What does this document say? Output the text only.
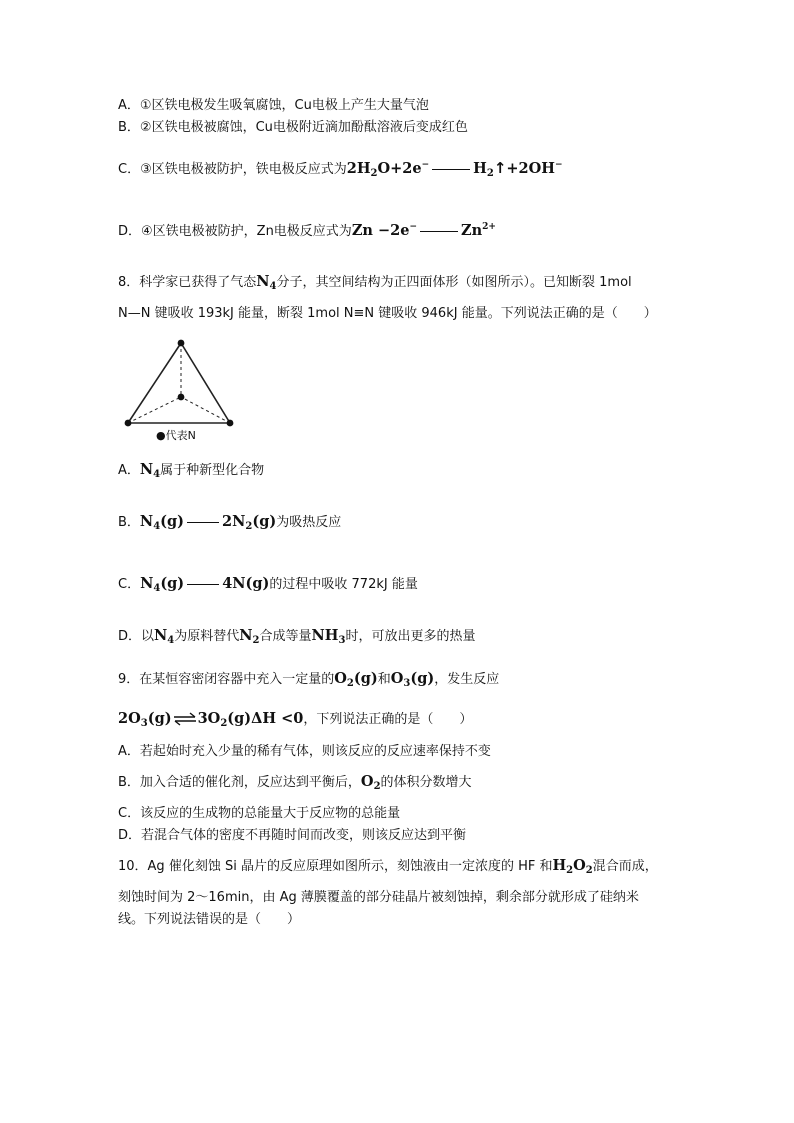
A．①区铁电极发生吸氧腐蚀，Cu电极上产生大量气泡
B．②区铁电极被腐蚀，Cu电极附近滴加酚酞溶液后变成红色
C．③区铁电极被防护，铁电极反应式为$2H_2O+2e^-$	$H_2↑+2OH^-$
D．④区铁电极被防护，Zn电极反应式为Zn −2e−	$Zn^{2+}$
8．科学家已获得了气态$N_4$分子，其空间结构为正四面体形（如图所示）。已知断裂 1mol
N—N 键吸收 193kJ 能量，断裂 1mol N≡N 键吸收 946kJ 能量。下列说法正确的是（　　）
●代表N
A．$N_4$属于种新型化合物
B．$N_4(g)$	$2N_2(g)$为吸热反应
C．$N_4(g)$	4N(g)的过程中吸收 772kJ 能量
D．以$N_4$为原料替代$N_2$合成等量$NH_3$时，可放出更多的热量
9．在某恒容密闭容器中充入一定量的$O_2(g)$和$O_3(g)$，发生反应
$2O_3(g)\rightleftharpoons 3O_2(g)\Delta H <0$，下列说法正确的是（　　）
A．若起始时充入少量的稀有气体，则该反应的反应速率保持不变
B．加入合适的催化剂，反应达到平衡后，$O_2$的体积分数增大
C．该反应的生成物的总能量大于反应物的总能量
D．若混合气体的密度不再随时间而改变，则该反应达到平衡
10．Ag 催化刻蚀 Si 晶片的反应原理如图所示，刻蚀液由一定浓度的 HF 和$H_2O_2$混合而成，
刻蚀时间为 2～16min，由 Ag 薄膜覆盖的部分硅晶片被刻蚀掉，剩余部分就形成了硅纳米
线。下列说法错误的是（　　）
